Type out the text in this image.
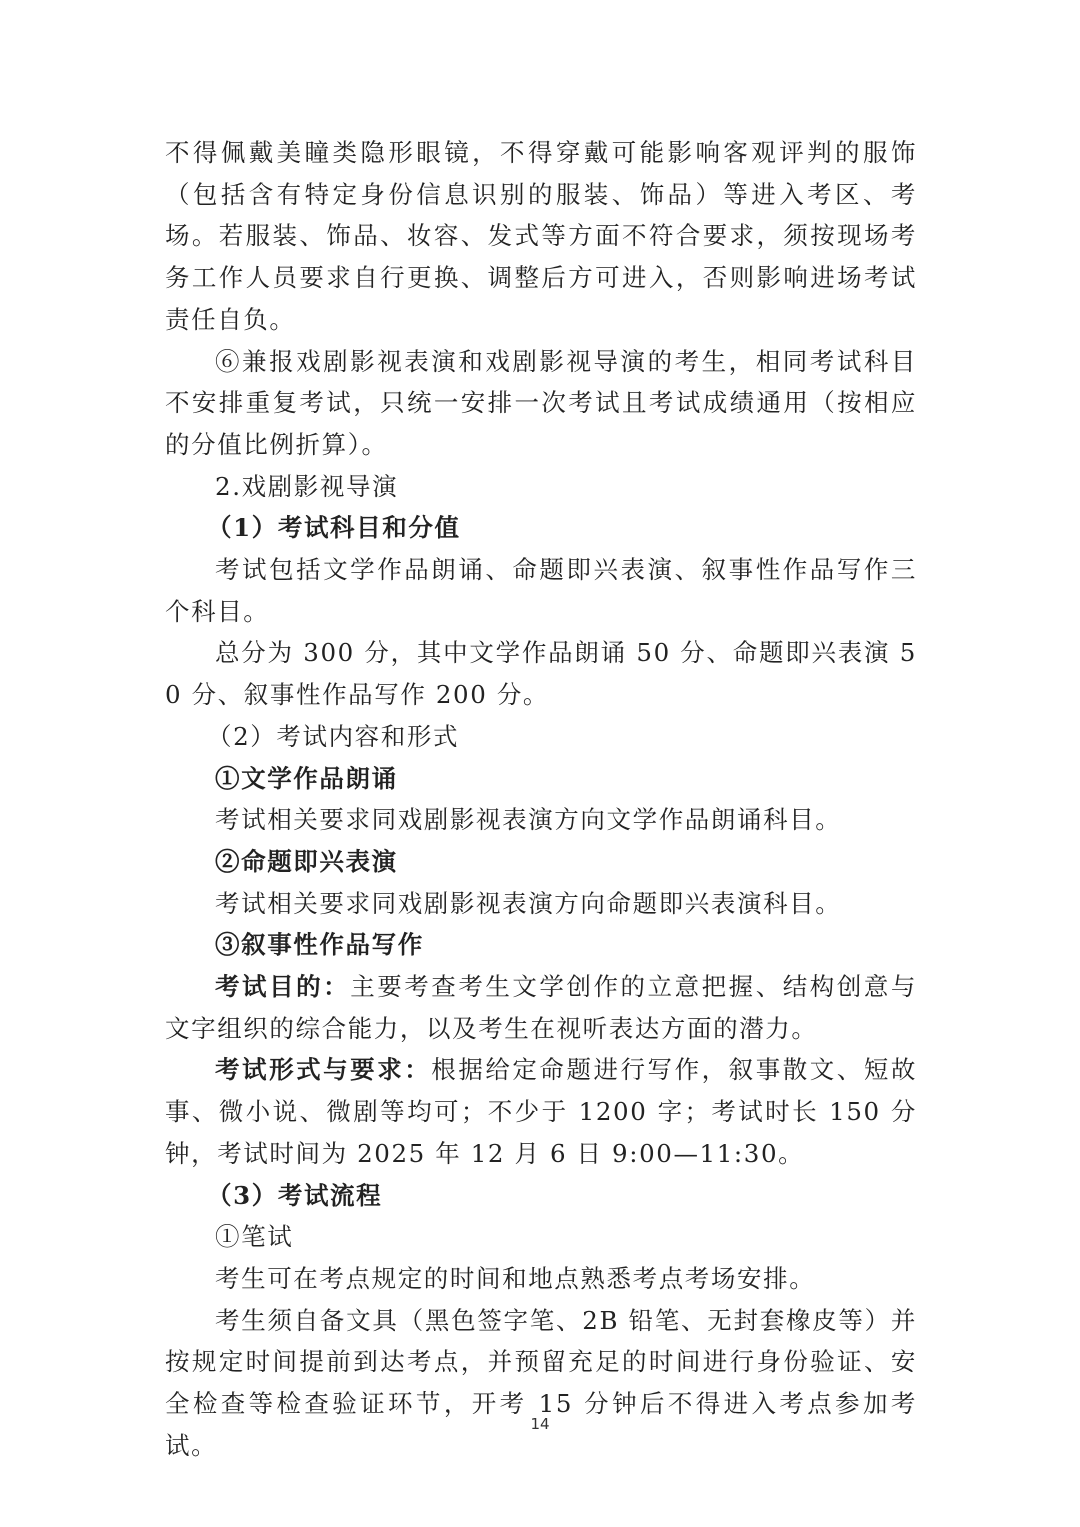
不得佩戴美瞳类隐形眼镜，不得穿戴可能影响客观评判的服饰（包括含有特定身份信息识别的服装、饰品）等进入考区、考场。若服装、饰品、妆容、发式等方面不符合要求，须按现场考务工作人员要求自行更换、调整后方可进入，否则影响进场考试责任自负。

⑥兼报戏剧影视表演和戏剧影视导演的考生，相同考试科目不安排重复考试，只统一安排一次考试且考试成绩通用（按相应的分值比例折算）。

2.戏剧影视导演

（1）考试科目和分值

考试包括文学作品朗诵、命题即兴表演、叙事性作品写作三个科目。

总分为 300 分，其中文学作品朗诵 50 分、命题即兴表演 50 分、叙事性作品写作 200 分。

（2）考试内容和形式

①文学作品朗诵

考试相关要求同戏剧影视表演方向文学作品朗诵科目。

②命题即兴表演

考试相关要求同戏剧影视表演方向命题即兴表演科目。

③叙事性作品写作

考试目的：主要考查考生文学创作的立意把握、结构创意与文字组织的综合能力，以及考生在视听表达方面的潜力。

考试形式与要求：根据给定命题进行写作，叙事散文、短故事、微小说、微剧等均可；不少于 1200 字；考试时长 150 分钟，考试时间为 2025 年 12 月 6 日 9:00—11:30。

（3）考试流程

①笔试

考生可在考点规定的时间和地点熟悉考点考场安排。

考生须自备文具（黑色签字笔、2B 铅笔、无封套橡皮等）并按规定时间提前到达考点，并预留充足的时间进行身份验证、安全检查等检查验证环节，开考 15 分钟后不得进入考点参加考试。

14
